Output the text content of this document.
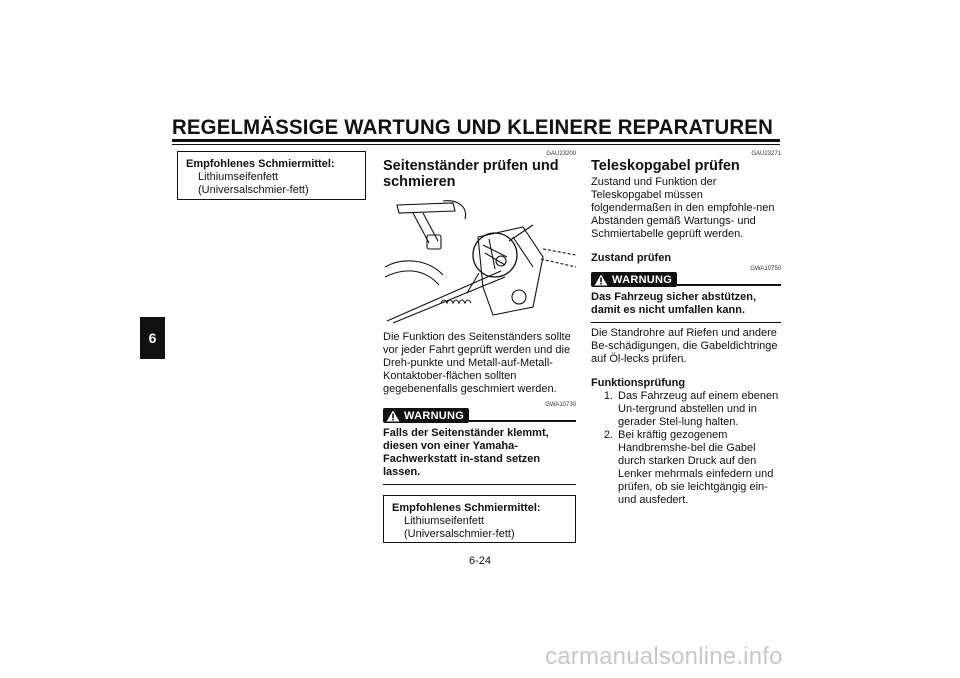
REGELMÄSSIGE WARTUNG UND KLEINERE REPARATUREN
6
Empfohlenes Schmiermittel:
Lithiumseifenfett (Universalschmier-fett)
GAU23200
Seitenständer prüfen und schmieren

Die Funktion des Seitenständers sollte vor jeder Fahrt geprüft werden und die Dreh-punkte und Metall-auf-Metall-Kontaktober-flächen sollten gegebenenfalls geschmiert werden.

GWA10730
WARNUNG
Falls der Seitenständer klemmt, diesen von einer Yamaha-Fachwerkstatt in-stand setzen lassen.
Empfohlenes Schmiermittel:
Lithiumseifenfett (Universalschmier-fett)
GAU23271
Teleskopgabel prüfen

Zustand und Funktion der Teleskopgabel müssen folgendermaßen in den empfohle-nen Abständen gemäß Wartungs- und Schmiertabelle geprüft werden.

Zustand prüfen
GWA10750
WARNUNG
Das Fahrzeug sicher abstützen, damit es nicht umfallen kann.

Die Standrohre auf Riefen und andere Be-schädigungen, die Gabeldichtringe auf Öl-lecks prüfen.

Funktionsprüfung
1. Das Fahrzeug auf einem ebenen Un-tergrund abstellen und in gerader Stel-lung halten.
2. Bei kräftig gezogenem Handbremshe-bel die Gabel durch starken Druck auf den Lenker mehrmals einfedern und prüfen, ob sie leichtgängig ein- und ausfedert.
6-24
carmanualsonline.info
